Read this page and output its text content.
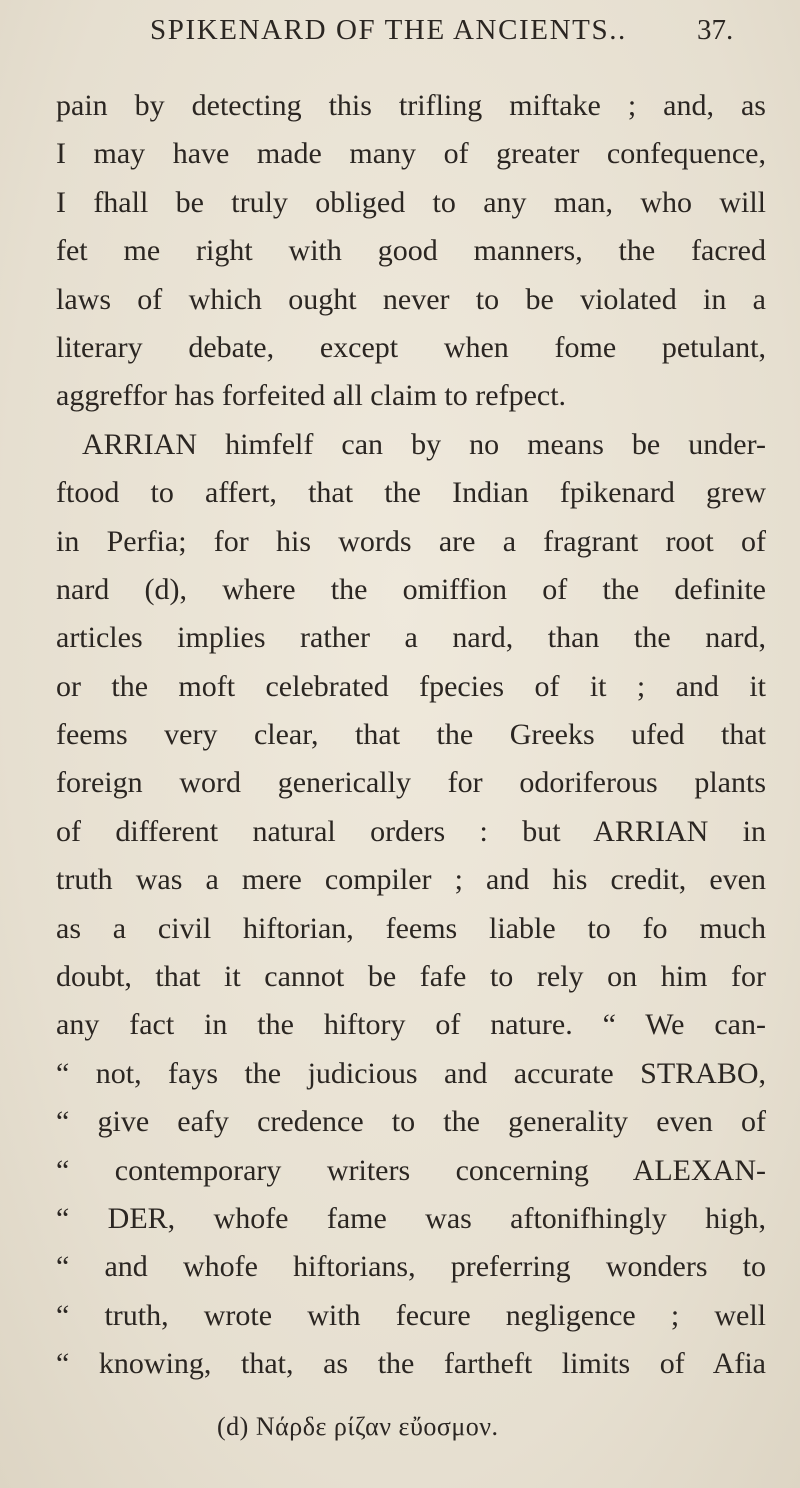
SPIKENARD OF THE ANCIENTS.. 37.
pain by detecting this trifling miftake ; and, as
I may have made many of greater confequence,
I fhall be truly obliged to any man, who will
fet me right with good manners, the facred
laws of which ought never to be violated in a
literary debate, except when fome petulant,
aggreffor has forfeited all claim to refpect.
ARRIAN himfelf can by no means be under-
ftood to affert, that the Indian fpikenard grew
in Perfia; for his words are a fragrant root of
nard (d), where the omiffion of the definite
articles implies rather a nard, than the nard,
or the moft celebrated fpecies of it ; and it
feems very clear, that the Greeks ufed that
foreign word generically for odoriferous plants
of different natural orders : but ARRIAN in
truth was a mere compiler ; and his credit, even
as a civil hiftorian, feems liable to fo much
doubt, that it cannot be fafe to rely on him for
any fact in the hiftory of nature. “ We can-
“ not, fays the judicious and accurate STRABO,
“ give eafy credence to the generality even of
“ contemporary writers concerning ALEXAN-
“ DER, whofe fame was aftonifhingly high,
“ and whofe hiftorians, preferring wonders to
“ truth, wrote with fecure negligence ; well
“ knowing, that, as the fartheft limits of Afia
(d) Νάρδε ρίζαν εὔοσμον.
